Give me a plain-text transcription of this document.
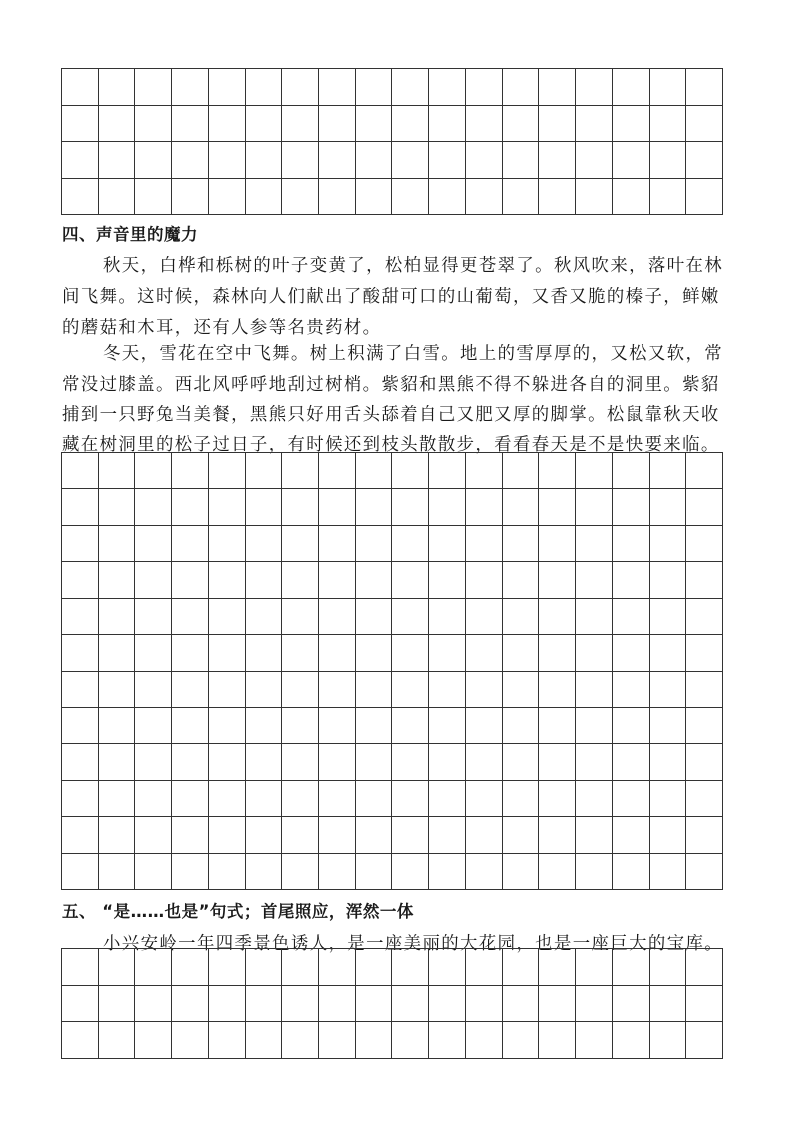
四、声音里的魔力
秋天，白桦和栎树的叶子变黄了，松柏显得更苍翠了。秋风吹来，落叶在林
间飞舞。这时候，森林向人们献出了酸甜可口的山葡萄，又香又脆的榛子，鲜嫩
的蘑菇和木耳，还有人参等名贵药材。
冬天，雪花在空中飞舞。树上积满了白雪。地上的雪厚厚的，又松又软，常
常没过膝盖。西北风呼呼地刮过树梢。紫貂和黑熊不得不躲进各自的洞里。紫貂
捕到一只野兔当美餐，黑熊只好用舌头舔着自己又肥又厚的脚掌。松鼠靠秋天收
藏在树洞里的松子过日子，有时候还到枝头散散步，看看春天是不是快要来临。
五、 “是……也是”句式；首尾照应，浑然一体
小兴安岭一年四季景色诱人，是一座美丽的大花园，也是一座巨大的宝库。
